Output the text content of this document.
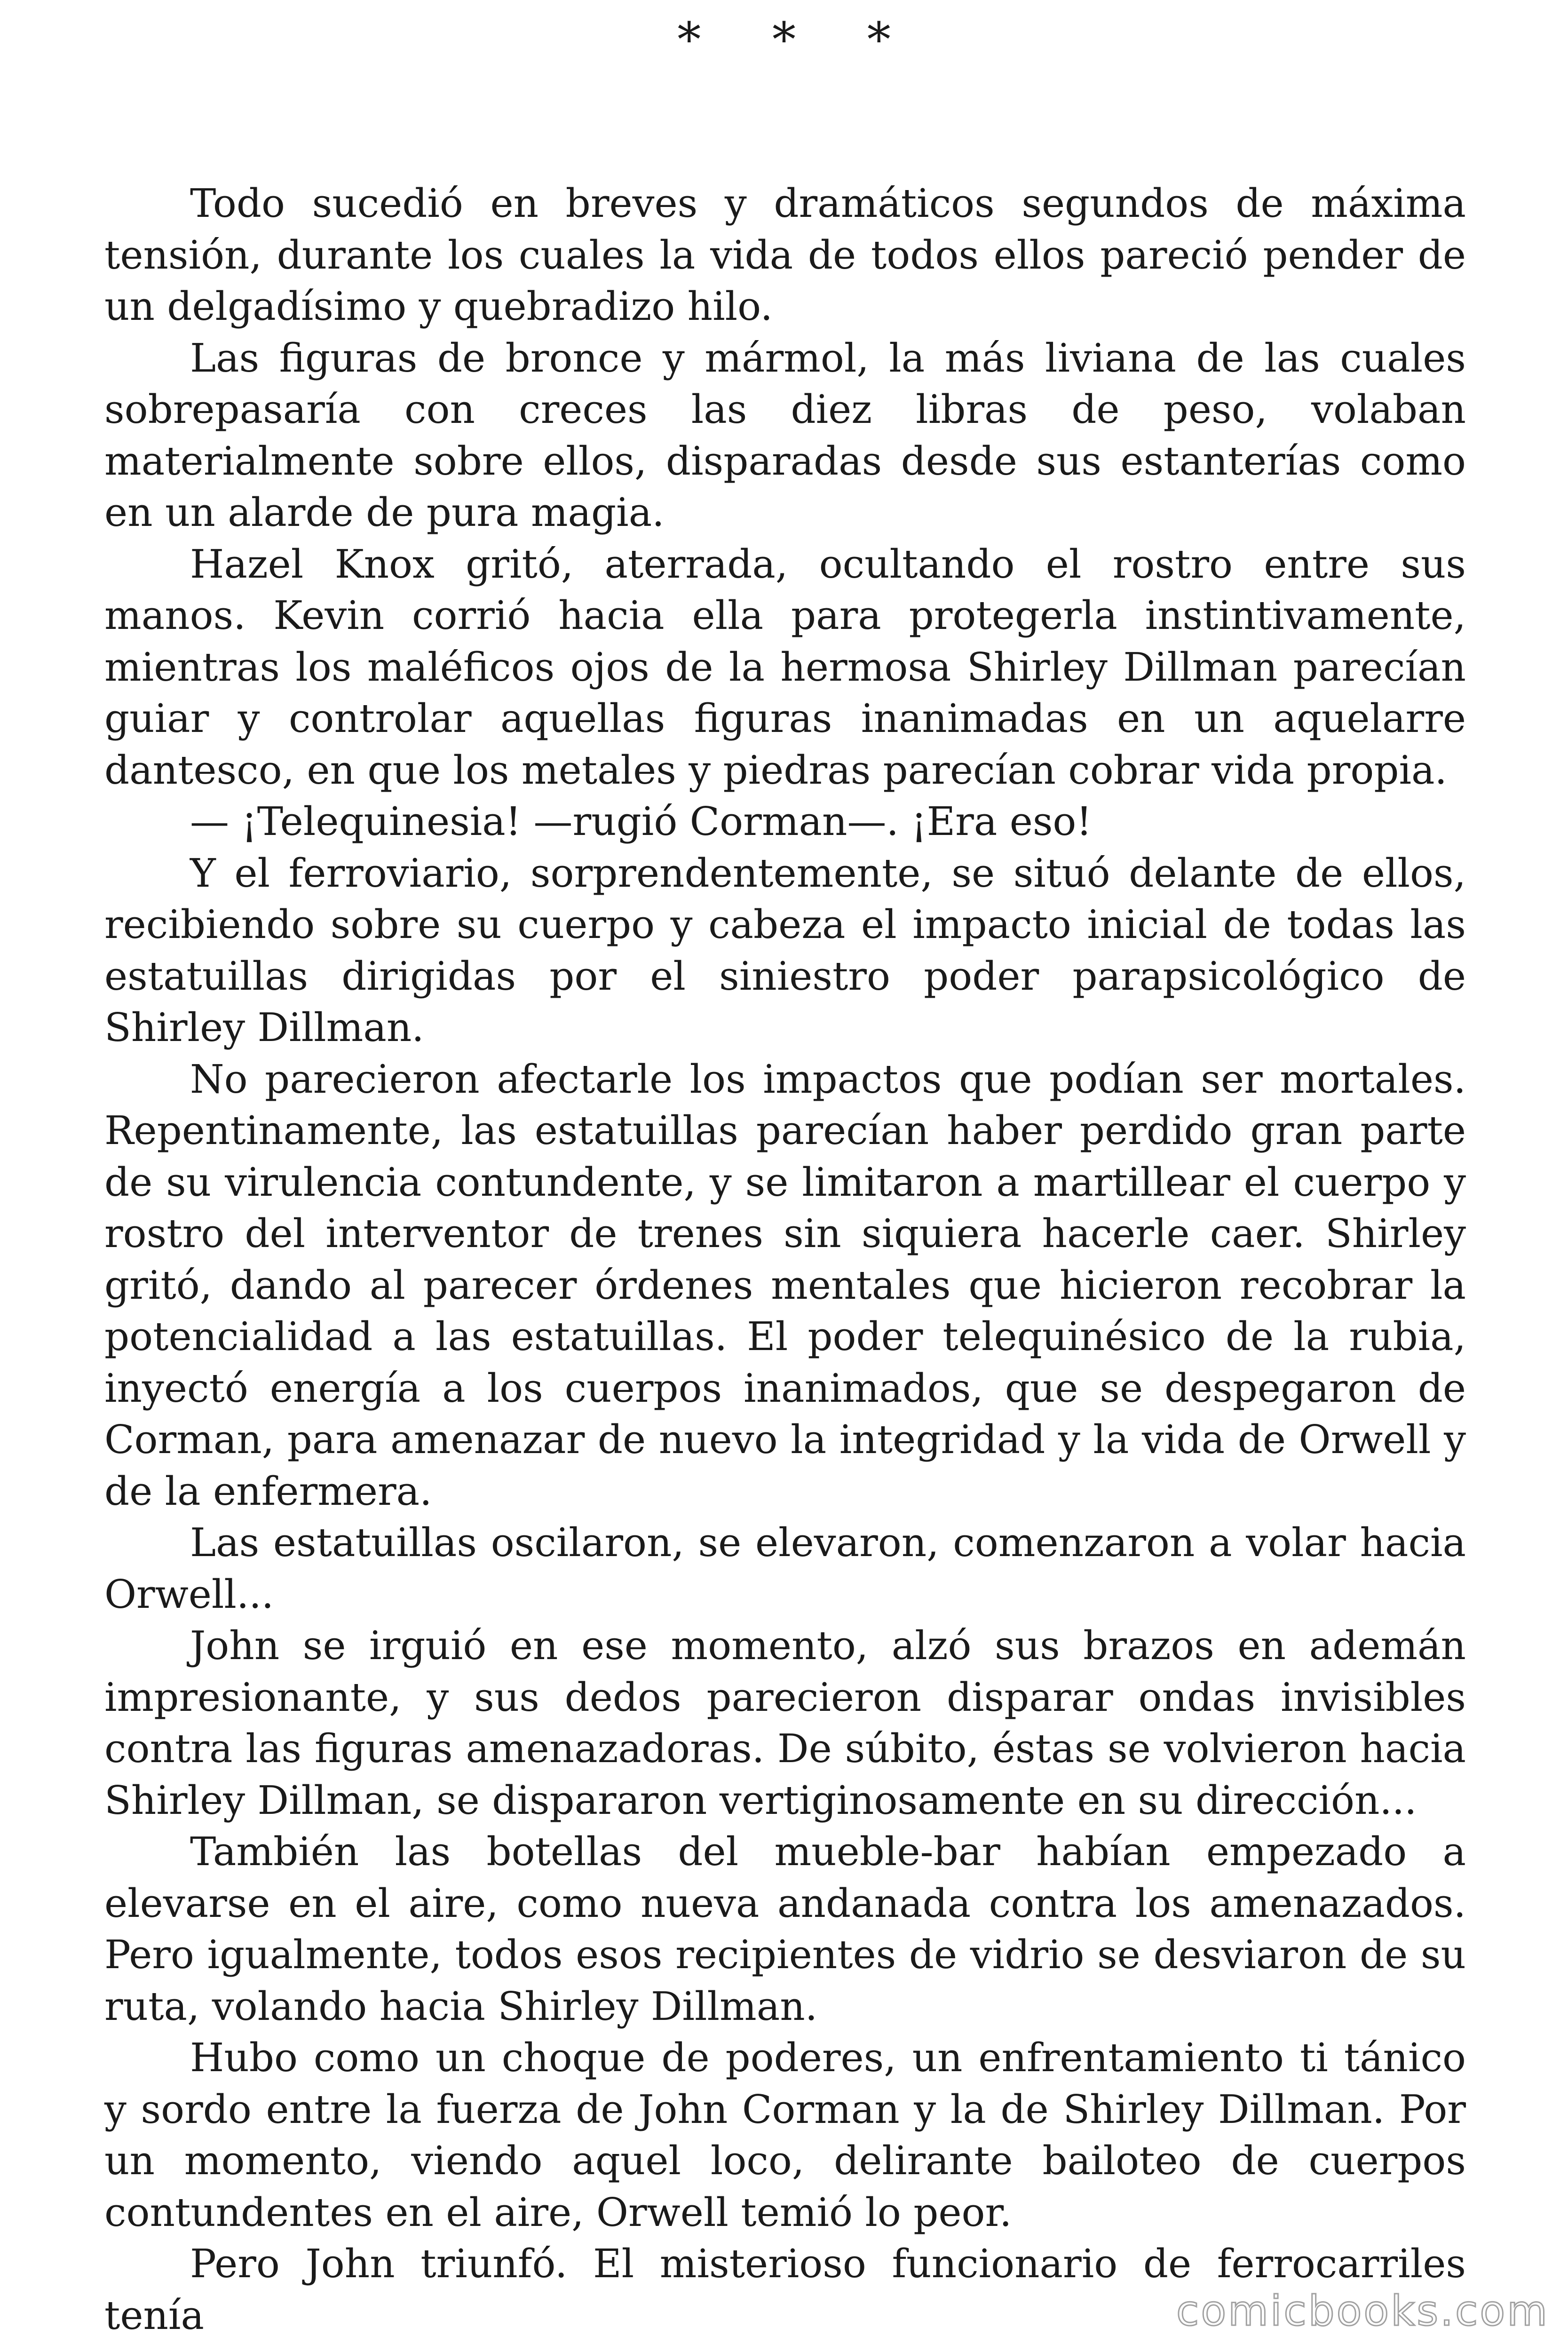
* * *

Todo sucedió en breves y dramáticos segundos de máxima tensión, durante los cuales la vida de todos ellos pareció pender de un delgadísimo y quebradizo hilo.

Las figuras de bronce y mármol, la más liviana de las cuales sobrepasaría con creces las diez libras de peso, volaban materialmente sobre ellos, disparadas desde sus estanterías como en un alarde de pura magia.

Hazel Knox gritó, aterrada, ocultando el rostro entre sus manos. Kevin corrió hacia ella para protegerla instintivamente, mientras los maléficos ojos de la hermosa Shirley Dillman parecían guiar y controlar aquellas figuras inanimadas en un aquelarre dantesco, en que los metales y piedras parecían cobrar vida propia.

— ¡Telequinesia! —rugió Corman—. ¡Era eso!

Y el ferroviario, sorprendentemente, se situó delante de ellos, recibiendo sobre su cuerpo y cabeza el impacto inicial de todas las estatuillas dirigidas por el siniestro poder parapsicológico de Shirley Dillman.

No parecieron afectarle los impactos que podían ser mortales. Repentinamente, las estatuillas parecían haber perdido gran parte de su virulencia contundente, y se limitaron a martillear el cuerpo y rostro del interventor de trenes sin siquiera hacerle caer. Shirley gritó, dando al parecer órdenes mentales que hicieron recobrar la potencialidad a las estatuillas. El poder telequinésico de la rubia, inyectó energía a los cuerpos inanimados, que se despegaron de Corman, para amenazar de nuevo la integridad y la vida de Orwell y de la enfermera.

Las estatuillas oscilaron, se elevaron, comenzaron a volar hacia Orwell...

John se irguió en ese momento, alzó sus brazos en ademán impresionante, y sus dedos parecieron disparar ondas invisibles contra las figuras amenazadoras. De súbito, éstas se volvieron hacia Shirley Dillman, se dispararon vertiginosamente en su dirección...

También las botellas del mueble-bar habían empezado a elevarse en el aire, como nueva andanada contra los amenazados. Pero igualmente, todos esos recipientes de vidrio se desviaron de su ruta, volando hacia Shirley Dillman.

Hubo como un choque de poderes, un enfrentamiento ti tánico y sordo entre la fuerza de John Corman y la de Shirley Dillman. Por un momento, viendo aquel loco, delirante bailoteo de cuerpos contundentes en el aire, Orwell temió lo peor.

Pero John triunfó. El misterioso funcionario de ferrocarriles tenía	comicbooks.com
